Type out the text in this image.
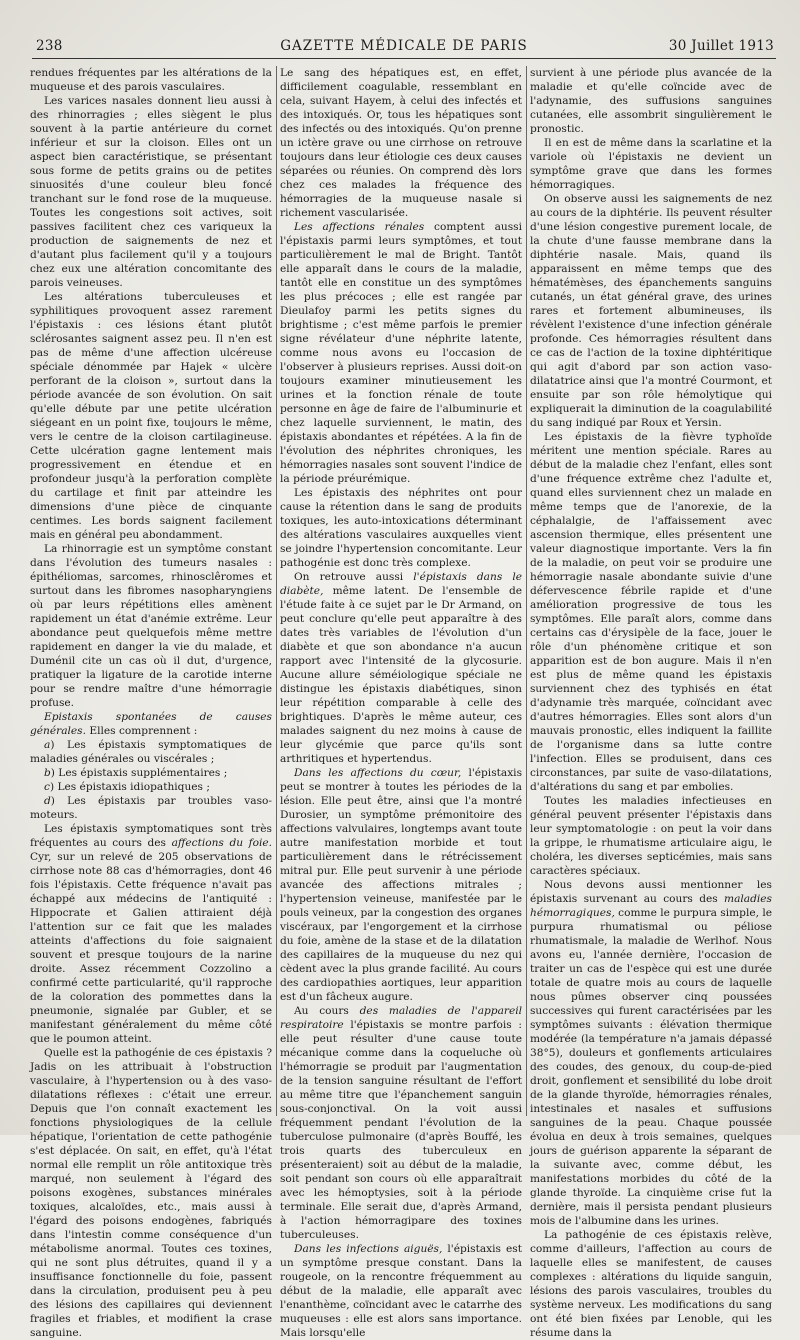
238	GAZETTE MÉDICALE DE PARIS	30 Juillet 1913

rendues fréquentes par les altérations de la muqueuse et des parois vasculaires.

Les varices nasales donnent lieu aussi à des rhinorragies ; elles siègent le plus souvent à la partie antérieure du cornet inférieur et sur la cloison. Elles ont un aspect bien caractéristique, se présentant sous forme de petits grains ou de petites sinuosités d'une couleur bleu foncé tranchant sur le fond rose de la muqueuse. Toutes les congestions soit actives, soit passives facilitent chez ces variqueux la production de saignements de nez et d'autant plus facilement qu'il y a toujours chez eux une altération concomitante des parois veineuses.

Les altérations tuberculeuses et syphilitiques provoquent assez rarement l'épistaxis : ces lésions étant plutôt sclérosantes saignent assez peu. Il n'en est pas de même d'une affection ulcéreuse spéciale dénommée par Hajek « ulcère perforant de la cloison », surtout dans la période avancée de son évolution. On sait qu'elle débute par une petite ulcération siégeant en un point fixe, toujours le même, vers le centre de la cloison cartilagineuse. Cette ulcération gagne lentement mais progressivement en étendue et en profondeur jusqu'à la perforation complète du cartilage et finit par atteindre les dimensions d'une pièce de cinquante centimes. Les bords saignent facilement mais en général peu abondamment.

La rhinorragie est un symptôme constant dans l'évolution des tumeurs nasales : épithéliomas, sarcomes, rhinosclêromes et surtout dans les fibromes nasopharyngiens où par leurs répétitions elles amènent rapidement un état d'anémie extrême. Leur abondance peut quelquefois même mettre rapidement en danger la vie du malade, et Duménil cite un cas où il dut, d'urgence, pratiquer la ligature de la carotide interne pour se rendre maître d'une hémorragie profuse.

Epistaxis spontanées de causes générales. Elles comprennent :

a) Les épistaxis symptomatiques de maladies générales ou viscérales ;

b) Les épistaxis supplémentaires ;

c) Les épistaxis idiopathiques ;

d) Les épistaxis par troubles vaso-moteurs.

Les épistaxis symptomatiques sont très fréquentes au cours des affections du foie. Cyr, sur un relevé de 205 observations de cirrhose note 88 cas d'hémorragies, dont 46 fois l'épistaxis. Cette fréquence n'avait pas échappé aux médecins de l'antiquité : Hippocrate et Galien attiraient déjà l'attention sur ce fait que les malades atteints d'affections du foie saignaient souvent et presque toujours de la narine droite. Assez récemment Cozzolino a confirmé cette particularité, qu'il rapproche de la coloration des pommettes dans la pneumonie, signalée par Gubler, et se manifestant généralement du même côté que le poumon atteint.

Quelle est la pathogénie de ces épistaxis ? Jadis on les attribuait à l'obstruction vasculaire, à l'hypertension ou à des vaso-dilatations réflexes : c'était une erreur. Depuis que l'on connaît exactement les fonctions physiologiques de la cellule hépatique, l'orientation de cette pathogénie s'est déplacée. On sait, en effet, qu'à l'état normal elle remplit un rôle antitoxique très marqué, non seulement à l'égard des poisons exogènes, substances minérales toxiques, alcaloïdes, etc., mais aussi à l'égard des poisons endogènes, fabriqués dans l'intestin comme conséquence d'un métabolisme anormal. Toutes ces toxines, qui ne sont plus détruites, quand il y a insuffisance fonctionnelle du foie, passent dans la circulation, produisent peu à peu des lésions des capillaires qui deviennent fragiles et friables, et modifient la crase sanguine.

Le sang des hépatiques est, en effet, difficilement coagulable, ressemblant en cela, suivant Hayem, à celui des infectés et des intoxiqués. Or, tous les hépatiques sont des infectés ou des intoxiqués. Qu'on prenne un ictère grave ou une cirrhose on retrouve toujours dans leur étiologie ces deux causes séparées ou réunies. On comprend dès lors chez ces malades la fréquence des hémorragies de la muqueuse nasale si richement vascularisée.

Les affections rénales comptent aussi l'épistaxis parmi leurs symptômes, et tout particulièrement le mal de Bright. Tantôt elle apparaît dans le cours de la maladie, tantôt elle en constitue un des symptômes les plus précoces ; elle est rangée par Dieulafoy parmi les petits signes du brightisme ; c'est même parfois le premier signe révélateur d'une néphrite latente, comme nous avons eu l'occasion de l'observer à plusieurs reprises. Aussi doit-on toujours examiner minutieusement les urines et la fonction rénale de toute personne en âge de faire de l'albuminurie et chez laquelle surviennent, le matin, des épistaxis abondantes et répétées. A la fin de l'évolution des néphrites chroniques, les hémorragies nasales sont souvent l'indice de la période préurémique.

Les épistaxis des néphrites ont pour cause la rétention dans le sang de produits toxiques, les auto-intoxications déterminant des altérations vasculaires auxquelles vient se joindre l'hypertension concomitante. Leur pathogénie est donc très complexe.

On retrouve aussi l'épistaxis dans le diabète, même latent. De l'ensemble de l'étude faite à ce sujet par le Dr Armand, on peut conclure qu'elle peut apparaître à des dates très variables de l'évolution d'un diabète et que son abondance n'a aucun rapport avec l'intensité de la glycosurie. Aucune allure séméiologique spéciale ne distingue les épistaxis diabétiques, sinon leur répétition comparable à celle des brightiques. D'après le même auteur, ces malades saignent du nez moins à cause de leur glycémie que parce qu'ils sont arthritiques et hypertendus.

Dans les affections du cœur, l'épistaxis peut se montrer à toutes les périodes de la lésion. Elle peut être, ainsi que l'a montré Durosier, un symptôme prémonitoire des affections valvulaires, longtemps avant toute autre manifestation morbide et tout particulièrement dans le rétrécissement mitral pur. Elle peut survenir à une période avancée des affections mitrales ; l'hypertension veineuse, manifestée par le pouls veineux, par la congestion des organes viscéraux, par l'engorgement et la cirrhose du foie, amène de la stase et de la dilatation des capillaires de la muqueuse du nez qui cèdent avec la plus grande facilité. Au cours des cardiopathies aortiques, leur apparition est d'un fâcheux augure.

Au cours des maladies de l'appareil respiratoire l'épistaxis se montre parfois : elle peut résulter d'une cause toute mécanique comme dans la coqueluche où l'hémorragie se produit par l'augmentation de la tension sanguine résultant de l'effort au même titre que l'épanchement sanguin sous-conjonctival. On la voit aussi fréquemment pendant l'évolution de la tuberculose pulmonaire (d'après Bouffé, les trois quarts des tuberculeux en présenteraient) soit au début de la maladie, soit pendant son cours où elle apparaîtrait avec les hémoptysies, soit à la période terminale. Elle serait due, d'après Armand, à l'action hémorragipare des toxines tuberculeuses.

Dans les infections aiguës, l'épistaxis est un symptôme presque constant. Dans la rougeole, on la rencontre fréquemment au début de la maladie, elle apparaît avec l'enanthème, coïncidant avec le catarrhe des muqueuses : elle est alors sans importance. Mais lorsqu'elle

survient à une période plus avancée de la maladie et qu'elle coïncide avec de l'adynamie, des suffusions sanguines cutanées, elle assombrit singulièrement le pronostic.

Il en est de même dans la scarlatine et la variole où l'épistaxis ne devient un symptôme grave que dans les formes hémorragiques.

On observe aussi les saignements de nez au cours de la diphtérie. Ils peuvent résulter d'une lésion congestive purement locale, de la chute d'une fausse membrane dans la diphtérie nasale. Mais, quand ils apparaissent en même temps que des hématémèses, des épanchements sanguins cutanés, un état général grave, des urines rares et fortement albumineuses, ils révèlent l'existence d'une infection générale profonde. Ces hémorragies résultent dans ce cas de l'action de la toxine diphtéritique qui agit d'abord par son action vaso-dilatatrice ainsi que l'a montré Courmont, et ensuite par son rôle hémolytique qui expliquerait la diminution de la coagulabilité du sang indiqué par Roux et Yersin.

Les épistaxis de la fièvre typhoïde méritent une mention spéciale. Rares au début de la maladie chez l'enfant, elles sont d'une fréquence extrême chez l'adulte et, quand elles surviennent chez un malade en même temps que de l'anorexie, de la céphalalgie, de l'affaissement avec ascension thermique, elles présentent une valeur diagnostique importante. Vers la fin de la maladie, on peut voir se produire une hémorragie nasale abondante suivie d'une défervescence fébrile rapide et d'une amélioration progressive de tous les symptômes. Elle paraît alors, comme dans certains cas d'érysipèle de la face, jouer le rôle d'un phénomène critique et son apparition est de bon augure. Mais il n'en est plus de même quand les épistaxis surviennent chez des typhisés en état d'adynamie très marquée, coïncidant avec d'autres hémorragies. Elles sont alors d'un mauvais pronostic, elles indiquent la faillite de l'organisme dans sa lutte contre l'infection. Elles se produisent, dans ces circonstances, par suite de vaso-dilatations, d'altérations du sang et par embolies.

Toutes les maladies infectieuses en général peuvent présenter l'épistaxis dans leur symptomatologie : on peut la voir dans la grippe, le rhumatisme articulaire aigu, le choléra, les diverses septicémies, mais sans caractères spéciaux.

Nous devons aussi mentionner les épistaxis survenant au cours des maladies hémorragiques, comme le purpura simple, le purpura rhumatismal ou péliose rhumatismale, la maladie de Werlhof. Nous avons eu, l'année dernière, l'occasion de traiter un cas de l'espèce qui est une durée totale de quatre mois au cours de laquelle nous pûmes observer cinq poussées successives qui furent caractérisées par les symptômes suivants : élévation thermique modérée (la température n'a jamais dépassé 38°5), douleurs et gonflements articulaires des coudes, des genoux, du coup-de-pied droit, gonflement et sensibilité du lobe droit de la glande thyroïde, hémorragies rénales, intestinales et nasales et suffusions sanguines de la peau. Chaque poussée évolua en deux à trois semaines, quelques jours de guérison apparente la séparant de la suivante avec, comme début, les manifestations morbides du côté de la glande thyroïde. La cinquième crise fut la dernière, mais il persista pendant plusieurs mois de l'albumine dans les urines.

La pathogénie de ces épistaxis relève, comme d'ailleurs, l'affection au cours de laquelle elles se manifestent, de causes complexes : altérations du liquide sanguin, lésions des parois vasculaires, troubles du système nerveux. Les modifications du sang ont été bien fixées par Lenoble, qui les résume dans la
